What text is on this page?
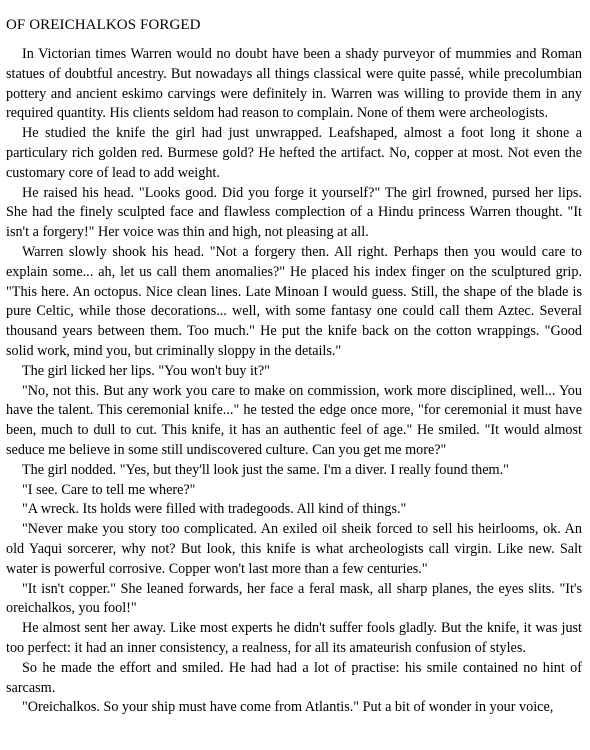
OF OREICHALKOS FORGED

In Victorian times Warren would no doubt have been a shady purveyor of mummies and Roman statues of doubtful ancestry. But nowadays all things classical were quite passé, while precolumbian pottery and ancient eskimo carvings were definitely in. Warren was willing to provide them in any required quantity. His clients seldom had reason to complain. None of them were archeologists.

He studied the knife the girl had just unwrapped. Leafshaped, almost a foot long it shone a particulary rich golden red. Burmese gold? He hefted the artifact. No, copper at most. Not even the customary core of lead to add weight.

He raised his head. "Looks good. Did you forge it yourself?" The girl frowned, pursed her lips. She had the finely sculpted face and flawless complection of a Hindu princess Warren thought. "It isn't a forgery!" Her voice was thin and high, not pleasing at all.

Warren slowly shook his head. "Not a forgery then. All right. Perhaps then you would care to explain some... ah, let us call them anomalies?" He placed his index finger on the sculptured grip. "This here. An octopus. Nice clean lines. Late Minoan I would guess. Still, the shape of the blade is pure Celtic, while those decorations... well, with some fantasy one could call them Aztec. Several thousand years between them. Too much." He put the knife back on the cotton wrappings. "Good solid work, mind you, but criminally sloppy in the details."

The girl licked her lips. "You won't buy it?"

"No, not this. But any work you care to make on commission, work more disciplined, well... You have the talent. This ceremonial knife..." he tested the edge once more, "for ceremonial it must have been, much to dull to cut. This knife, it has an authentic feel of age." He smiled. "It would almost seduce me believe in some still undiscovered culture. Can you get me more?"

The girl nodded. "Yes, but they'll look just the same. I'm a diver. I really found them."

"I see. Care to tell me where?"

"A wreck. Its holds were filled with tradegoods. All kind of things."

"Never make you story too complicated. An exiled oil sheik forced to sell his heirlooms, ok. An old Yaqui sorcerer, why not? But look, this knife is what archeologists call virgin. Like new. Salt water is powerful corrosive. Copper won't last more than a few centuries."

"It isn't copper." She leaned forwards, her face a feral mask, all sharp planes, the eyes slits. "It's oreichalkos, you fool!"

He almost sent her away. Like most experts he didn't suffer fools gladly. But the knife, it was just too perfect: it had an inner consistency, a realness, for all its amateurish confusion of styles.

So he made the effort and smiled. He had had a lot of practise: his smile contained no hint of sarcasm.

"Oreichalkos. So your ship must have come from Atlantis." Put a bit of wonder in your voice,
